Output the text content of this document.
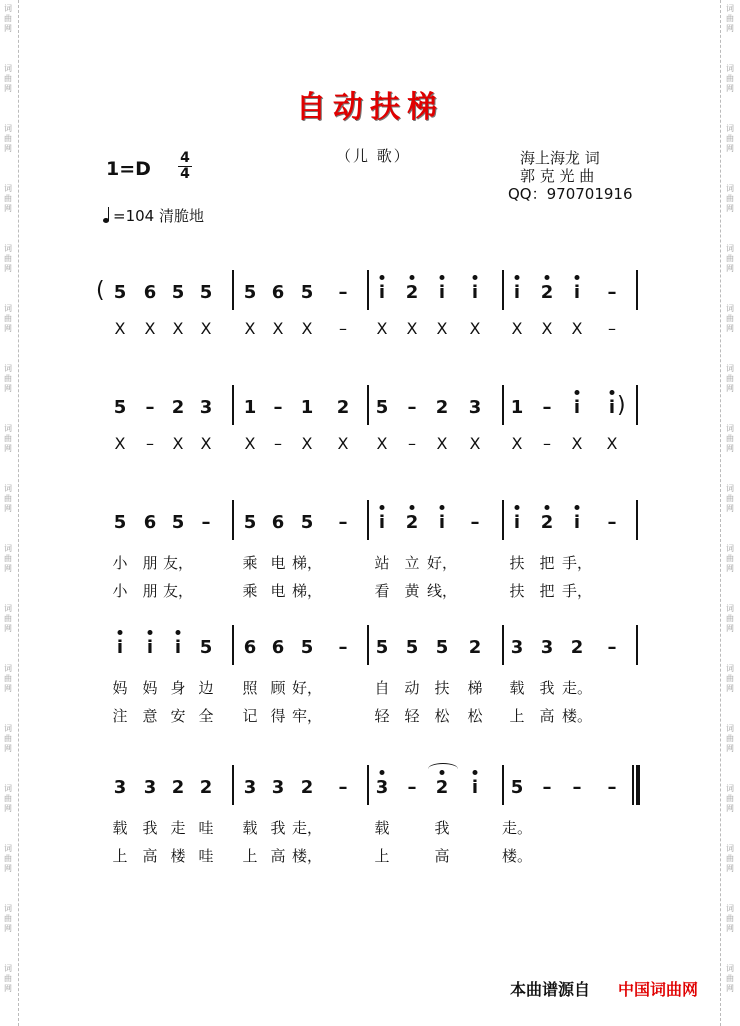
词
曲
网
词
曲
网
词
曲
网
词
曲
网
词
曲
网
词
曲
网
词
曲
网
词
曲
网
词
曲
网
词
曲
网
词
曲
网
词
曲
网
词
曲
网
词
曲
网
词
曲
网
词
曲
网
词
曲
网
词
曲
网
词
曲
网
词
曲
网
词
曲
网
词
曲
网
词
曲
网
词
曲
网
词
曲
网
词
曲
网
词
曲
网
词
曲
网
词
曲
网
词
曲
网
词
曲
网
词
曲
网
词
曲
网
词
曲
网
自动扶梯
（儿 歌）	海上海龙 词
郭 克 光 曲
QQ：970701916
$1=D \frac{4}{4}$
=104 清脆地
5 6 5 5	5 6 5	–	i	2	i	i	i	2	i	–
X	X	X	X	X	X	X	–	X	X	X	X	X	X	X	–
5	– 2 3	1 –	1	2	5	–	2	3	1	–	i	i
X	–	X	X	X	–	X	X	X	–	X	X	X	–	X	X
5 6 5 –	5 6 5	–	i	2	i	–	i	2	i	–
小 朋 友，	乘 电 梯，	站 立 好，	扶 把 手，
小 朋 友，	乘 电 梯，	看 黄 线，	扶 把 手，
i	i	i	5	6 6 5	–	5 5 5	2	3 3 2	–
妈 妈 身 边	照 顾 好，	自 动 扶	梯	载 我 走。
注 意 安 全	记 得 牢，	轻 轻 松	松	上 高 楼。
3 3 2 2	3 3 2	–	3	–	2	i	5	–	–	–
载 我 走 哇	载 我 走，	载	我	走。
上 高 楼 哇	上 高 楼，	上	高	楼。
(
)
本曲谱源自 中国词曲网
